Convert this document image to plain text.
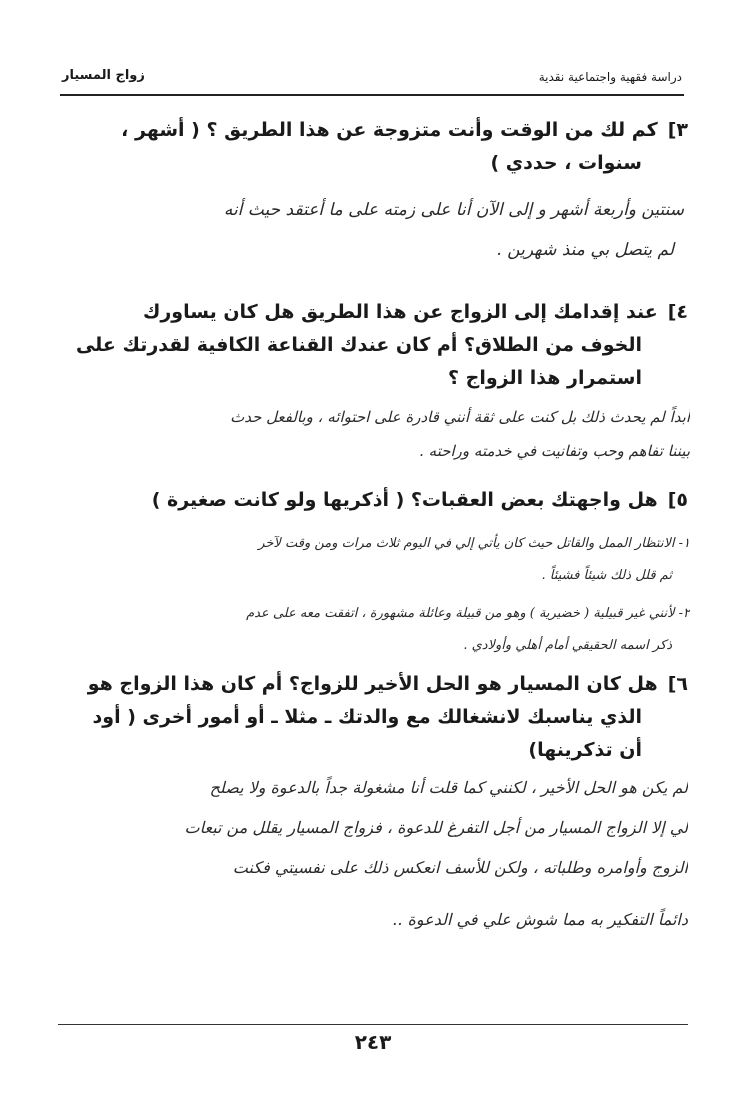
دراسة فقهية واجتماعية نقدية
زواج المسيار
٣]كم لك من الوقت وأنت متزوجة عن هذا الطريق ؟ ( أشهر ،
سنوات ، حددي )
سنتين وأربعة أشهر و إلى الآن أنا على زمته على ما أعتقد حيث أنه
لم يتصل بي منذ شهرين .
٤]عند إقدامك إلى الزواج عن هذا الطريق هل كان يساورك
الخوف من الطلاق؟ أم كان عندك القناعة الكافية لقدرتك على
استمرار هذا الزواج ؟
أبداً لم يحدث ذلك بل كنت على ثقة أنني قادرة على احتوائه ، وبالفعل حدث
بيننا تفاهم وحب وتفانيت في خدمته وراحته .
٥]هل واجهتك بعض العقبات؟ ( أذكريها ولو كانت صغيرة )
١- الانتظار الممل والقاتل حيث كان يأتي إلي في اليوم ثلاث مرات ومن وقت لآخر
ثم قلل ذلك شيئاً فشيئاً .
٢- لأنني غير قبيلية ( خضيرية ) وهو من قبيلة وعائلة مشهورة ، اتفقت معه على عدم
ذكر اسمه الحقيقي أمام أهلي وأولادي .
٦]هل كان المسيار هو الحل الأخير للزواج؟ أم كان هذا الزواج هو
الذي يناسبك لانشغالك مع والدتك ـ مثلا ـ أو أمور أخرى ( أود
أن تذكرينها)
لم يكن هو الحل الأخير ، لكنني كما قلت أنا مشغولة جداً بالدعوة ولا يصلح
لي إلا الزواج المسيار من أجل التفرغ للدعوة ، فزواج المسيار يقلل من تبعات
الزوج وأوامره وطلباته ، ولكن للأسف انعكس ذلك على نفسيتي فكنت
دائماً التفكير به مما شوش علي في الدعوة ..
٢٤٣
